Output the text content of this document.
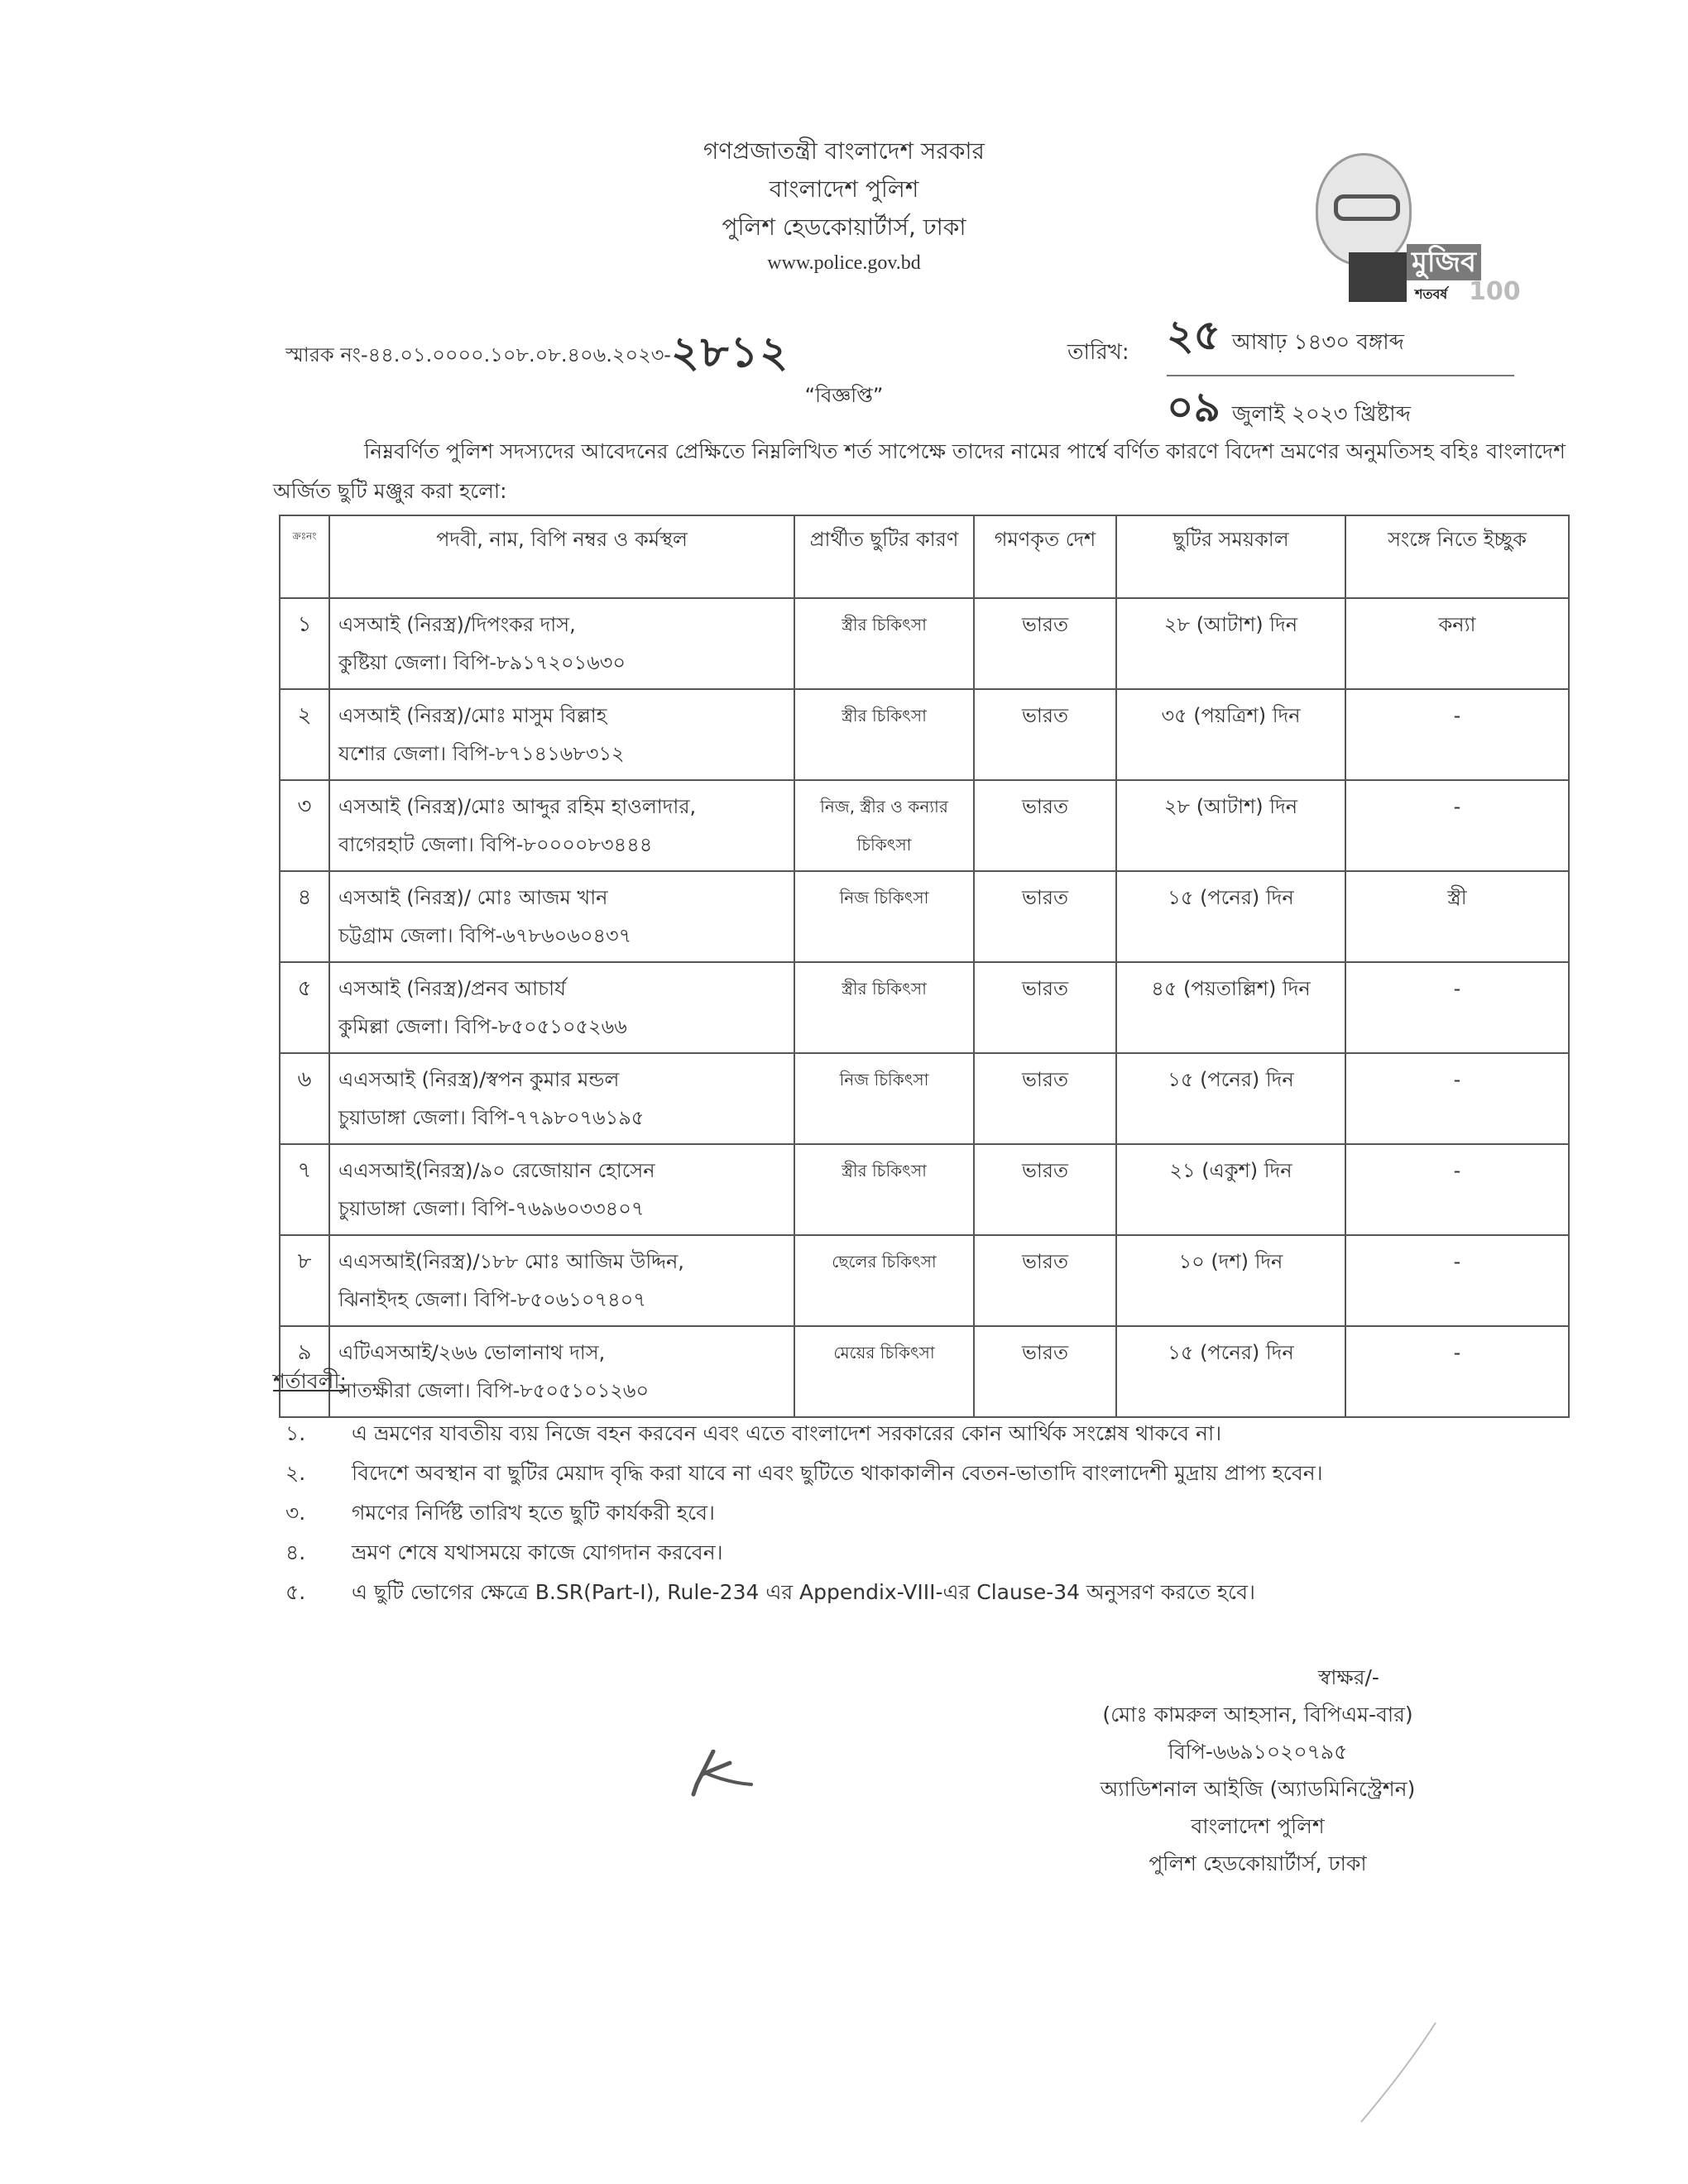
গণপ্রজাতন্ত্রী বাংলাদেশ সরকার
বাংলাদেশ পুলিশ
পুলিশ হেডকোয়ার্টার্স, ঢাকা
www.police.gov.bd	মুজিব
শতবর্ষ 100
স্মারক নং-৪৪.০১.০০০০.১০৮.০৮.৪০৬.২০২৩-২৮১২	তারিখ: ২৫ আষাঢ় ১৪৩০ বঙ্গাব্দ
০৯ জুলাই ২০২৩ খ্রিষ্টাব্দ
“বিজ্ঞপ্তি”
নিম্নবর্ণিত পুলিশ সদস্যদের আবেদনের প্রেক্ষিতে নিম্নলিখিত শর্ত সাপেক্ষে তাদের নামের পার্শ্বে বর্ণিত কারণে বিদেশ ভ্রমণের অনুমতিসহ বহিঃ বাংলাদেশ অর্জিত ছুটি মঞ্জুর করা হলো:
ক্রঃনং	পদবী, নাম, বিপি নম্বর ও কর্মস্থল	প্রার্থীত ছুটির কারণ	গমণকৃত দেশ	ছুটির সময়কাল	সংঙ্গে নিতে ইচ্ছুক
১	এসআই (নিরস্ত্র)/দিপংকর দাস,
কুষ্টিয়া জেলা। বিপি-৮৯১৭২০১৬৩০	স্ত্রীর চিকিৎসা	ভারত	২৮ (আটাশ) দিন	কন্যা
২	এসআই (নিরস্ত্র)/মোঃ মাসুম বিল্লাহ
যশোর জেলা। বিপি-৮৭১৪১৬৮৩১২	স্ত্রীর চিকিৎসা	ভারত	৩৫ (পয়ত্রিশ) দিন	-
৩	এসআই (নিরস্ত্র)/মোঃ আব্দুর রহিম হাওলাদার,
বাগেরহাট জেলা। বিপি-৮০০০০৮৩৪৪৪	নিজ, স্ত্রীর ও কন্যার চিকিৎসা	ভারত	২৮ (আটাশ) দিন	-
৪	এসআই (নিরস্ত্র)/ মোঃ আজম খান
চট্টগ্রাম জেলা। বিপি-৬৭৮৬০৬০৪৩৭	নিজ চিকিৎসা	ভারত	১৫ (পনের) দিন	স্ত্রী
৫	এসআই (নিরস্ত্র)/প্রনব আচার্য
কুমিল্লা জেলা। বিপি-৮৫০৫১০৫২৬৬	স্ত্রীর চিকিৎসা	ভারত	৪৫ (পয়তাল্লিশ) দিন	-
৬	এএসআই (নিরস্ত্র)/স্বপন কুমার মন্ডল
চুয়াডাঙ্গা জেলা। বিপি-৭৭৯৮০৭৬১৯৫	নিজ চিকিৎসা	ভারত	১৫ (পনের) দিন	-
৭	এএসআই(নিরস্ত্র)/৯০ রেজোয়ান হোসেন
চুয়াডাঙ্গা জেলা। বিপি-৭৬৯৬০৩৩৪০৭	স্ত্রীর চিকিৎসা	ভারত	২১ (একুশ) দিন	-
৮	এএসআই(নিরস্ত্র)/১৮৮ মোঃ আজিম উদ্দিন,
ঝিনাইদহ জেলা। বিপি-৮৫০৬১০৭৪০৭	ছেলের চিকিৎসা	ভারত	১০ (দশ) দিন	-
৯	এটিএসআই/২৬৬ ভোলানাথ দাস,
সাতক্ষীরা জেলা। বিপি-৮৫০৫১০১২৬০	মেয়ের চিকিৎসা	ভারত	১৫ (পনের) দিন	-
শর্তাবলী:
১.	এ ভ্রমণের যাবতীয় ব্যয় নিজে বহন করবেন এবং এতে বাংলাদেশ সরকারের কোন আর্থিক সংশ্লেষ থাকবে না।
২.	বিদেশে অবস্থান বা ছুটির মেয়াদ বৃদ্ধি করা যাবে না এবং ছুটিতে থাকাকালীন বেতন-ভাতাদি বাংলাদেশী মুদ্রায় প্রাপ্য হবেন।
৩.	গমণের নির্দিষ্ট তারিখ হতে ছুটি কার্যকরী হবে।
৪.	ভ্রমণ শেষে যথাসময়ে কাজে যোগদান করবেন।
৫.	এ ছুটি ভোগের ক্ষেত্রে B.SR(Part-I), Rule-234 এর Appendix-VIII-এর Clause-34 অনুসরণ করতে হবে।
স্বাক্ষর/-
(মোঃ কামরুল আহসান, বিপিএম-বার)
বিপি-৬৬৯১০২০৭৯৫
অ্যাডিশনাল আইজি (অ্যাডমিনিস্ট্রেশন)
বাংলাদেশ পুলিশ
পুলিশ হেডকোয়ার্টার্স, ঢাকা
